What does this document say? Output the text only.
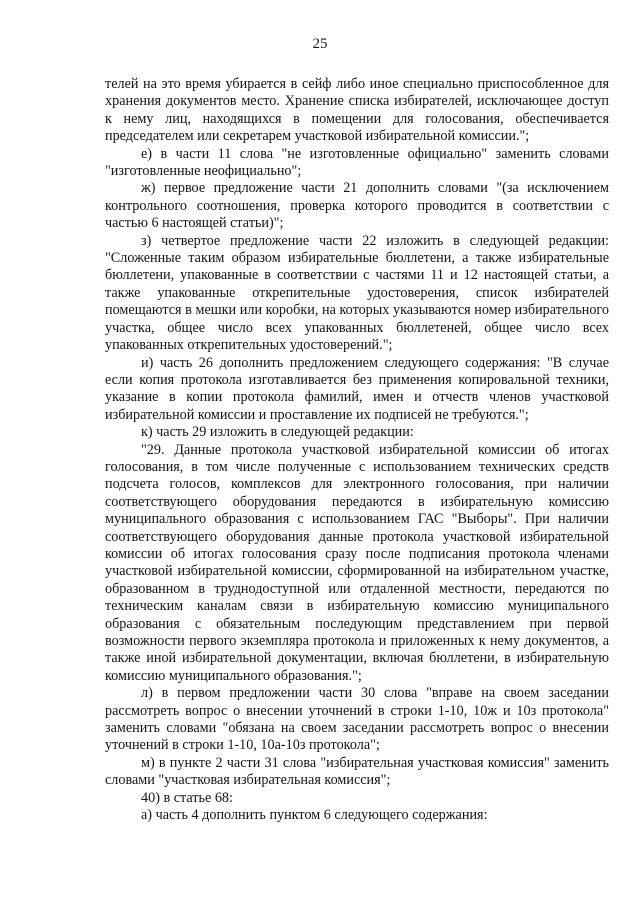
25

телей на это время убирается в сейф либо иное специально приспособленное для хранения документов место. Хранение списка избирателей, исключающее доступ к нему лиц, находящихся в помещении для голосования, обеспечивается председателем или секретарем участковой избирательной комиссии.";

е) в части 11 слова "не изготовленные официально" заменить словами "изготовленные неофициально";

ж) первое предложение части 21 дополнить словами "(за исключением контрольного соотношения, проверка которого проводится в соответствии с частью 6 настоящей статьи)";

з) четвертое предложение части 22 изложить в следующей редакции: "Сложенные таким образом избирательные бюллетени, а также избирательные бюллетени, упакованные в соответствии с частями 11 и 12 настоящей статьи, а также упакованные открепительные удостоверения, список избирателей помещаются в мешки или коробки, на которых указываются номер избирательного участка, общее число всех упакованных бюллетеней, общее число всех упакованных открепительных удостоверений.";

и) часть 26 дополнить предложением следующего содержания: "В случае если копия протокола изготавливается без применения копировальной техники, указание в копии протокола фамилий, имен и отчеств членов участковой избирательной комиссии и проставление их подписей не требуются.";

к) часть 29 изложить в следующей редакции:

"29. Данные протокола участковой избирательной комиссии об итогах голосования, в том числе полученные с использованием технических средств подсчета голосов, комплексов для электронного голосования, при наличии соответствующего оборудования передаются в избирательную комиссию муниципального образования с использованием ГАС "Выборы". При наличии соответствующего оборудования данные протокола участковой избирательной комиссии об итогах голосования сразу после подписания протокола членами участковой избирательной комиссии, сформированной на избирательном участке, образованном в труднодоступной или отдаленной местности, передаются по техническим каналам связи в избирательную комиссию муниципального образования с обязательным последующим представлением при первой возможности первого экземпляра протокола и приложенных к нему документов, а также иной избирательной документации, включая бюллетени, в избирательную комиссию муниципального образования.";

л) в первом предложении части 30 слова "вправе на своем заседании рассмотреть вопрос о внесении уточнений в строки 1-10, 10ж и 10з протокола" заменить словами "обязана на своем заседании рассмотреть вопрос о внесении уточнений в строки 1-10, 10а-10з протокола";

м) в пункте 2 части 31 слова "избирательная участковая комиссия" заменить словами "участковая избирательная комиссия";

40) в статье 68:

а) часть 4 дополнить пунктом 6 следующего содержания:
